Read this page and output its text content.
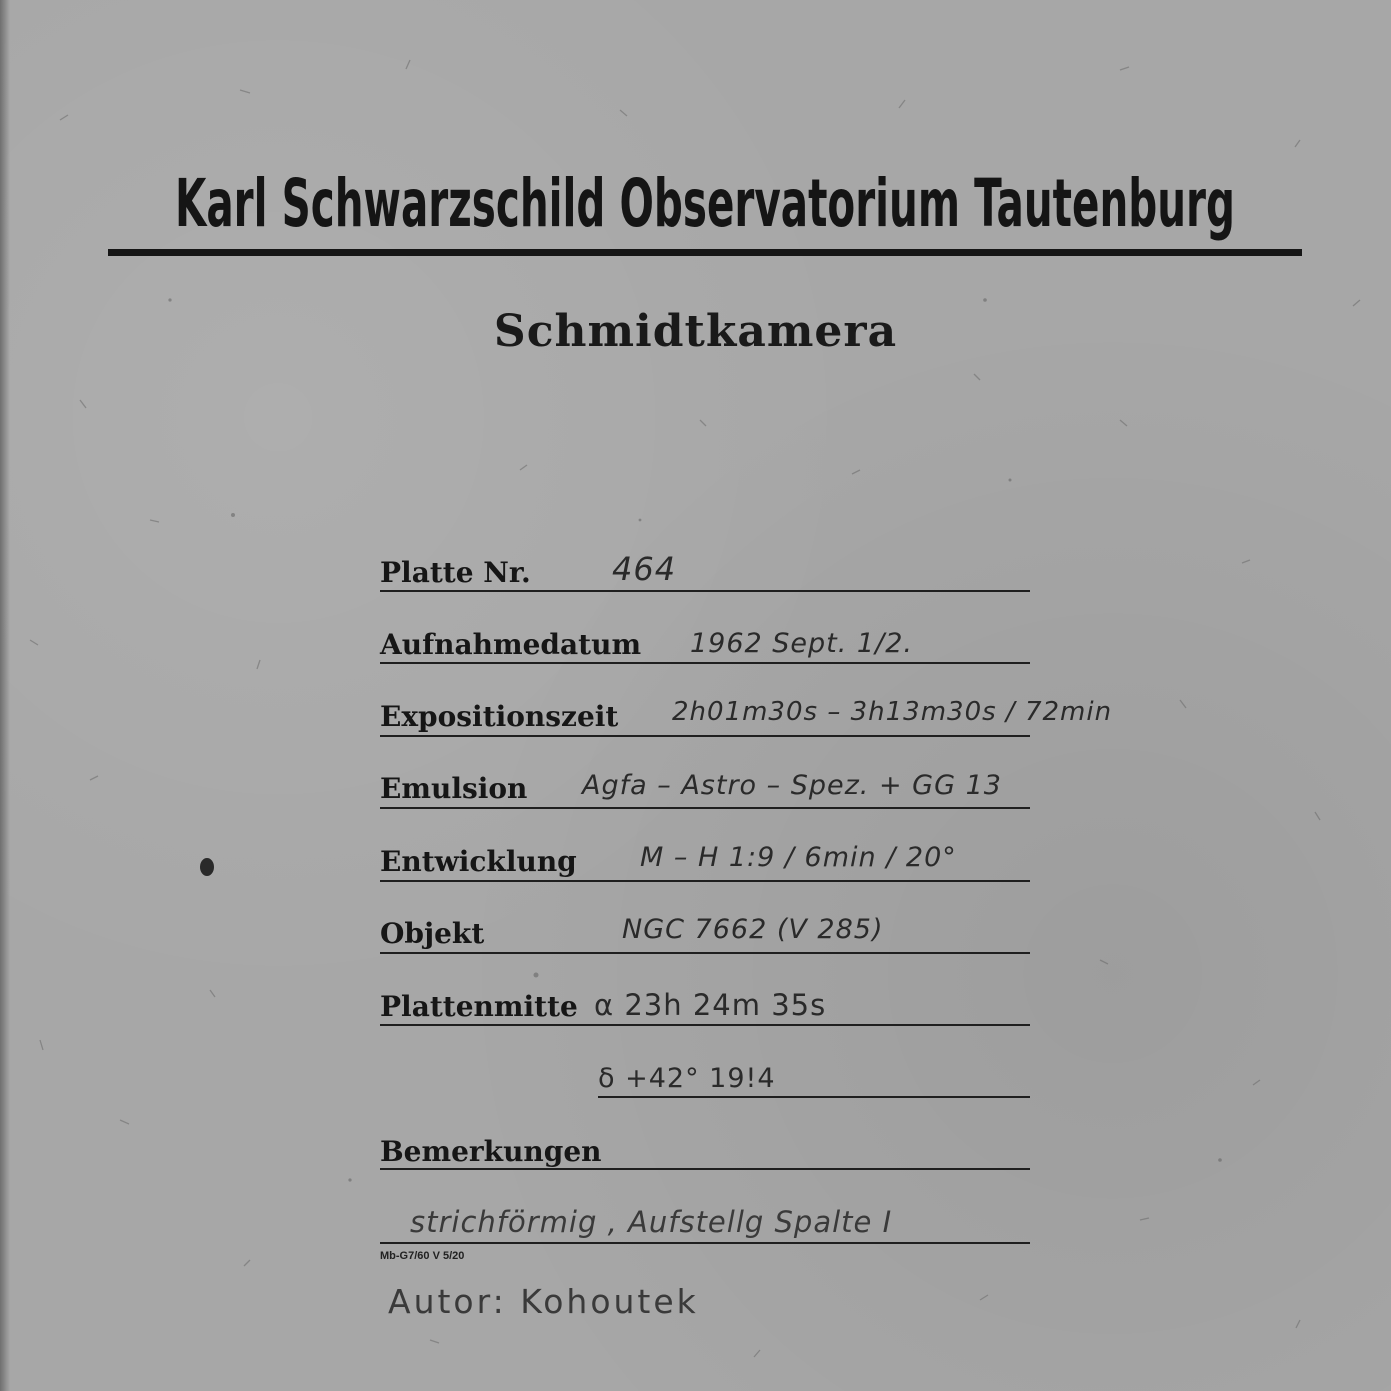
Karl Schwarzschild Observatorium Tautenburg
Schmidtkamera
Platte Nr.	464
Aufnahmedatum 1962 Sept. 1/2.
Expositionszeit 2h01m30s – 3h13m30s / 72min
Emulsion Agfa – Astro – Spez. + GG 13
Entwicklung M – H 1:9 / 6min / 20°
Objekt	NGC 7662 (V 285)
Plattenmitte α 23h 24m 35s
δ +42° 19!4
Bemerkungen
strichförmig , Aufstellg Spalte I
Mb-G7/60 V 5/20
Autor: Kohoutek
